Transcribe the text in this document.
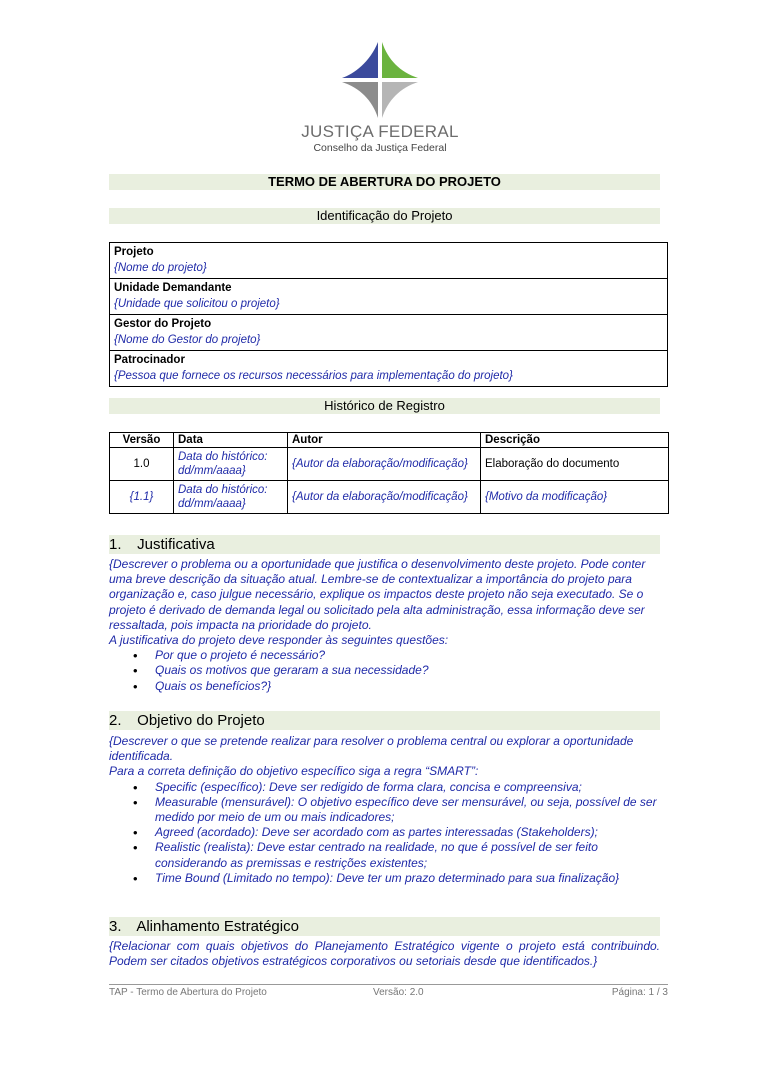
JUSTIÇA FEDERAL
Conselho da Justiça Federal
TERMO DE ABERTURA DO PROJETO
Identificação do Projeto
Projeto
{Nome do projeto}

Unidade Demandante
{Unidade que solicitou o projeto}

Gestor do Projeto
{Nome do Gestor do projeto}

Patrocinador
{Pessoa que fornece os recursos necessários para implementação do projeto}
Histórico de Registro
Versão	Data	Autor	Descrição
1.0	Data do histórico: dd/mm/aaaa}	{Autor da elaboração/modificação}	Elaboração do documento
{1.1}	Data do histórico: dd/mm/aaaa}	{Autor da elaboração/modificação}	{Motivo da modificação}
1. Justificativa

{Descrever o problema ou a oportunidade que justifica o desenvolvimento deste projeto. Pode conter uma breve descrição da situação atual. Lembre-se de contextualizar a importância do projeto para organização e, caso julgue necessário, explique os impactos deste projeto não seja executado. Se o projeto é derivado de demanda legal ou solicitado pela alta administração, essa informação deve ser ressaltada, pois impacta na prioridade do projeto.

A justificativa do projeto deve responder às seguintes questões:

• Por que o projeto é necessário?
• Quais os motivos que geraram a sua necessidade?
• Quais os benefícios?}
2. Objetivo do Projeto

{Descrever o que se pretende realizar para resolver o problema central ou explorar a oportunidade identificada.

Para a correta definição do objetivo específico siga a regra “SMART”:

• Specific (específico): Deve ser redigido de forma clara, concisa e compreensiva;
• Measurable (mensurável): O objetivo específico deve ser mensurável, ou seja, possível de ser medido por meio de um ou mais indicadores;
• Agreed (acordado): Deve ser acordado com as partes interessadas (Stakeholders);
• Realistic (realista): Deve estar centrado na realidade, no que é possível de ser feito considerando as premissas e restrições existentes;
• Time Bound (Limitado no tempo): Deve ter um prazo determinado para sua finalização}
3. Alinhamento Estratégico

{Relacionar com quais objetivos do Planejamento Estratégico vigente o projeto está contribuindo. Podem ser citados objetivos estratégicos corporativos ou setoriais desde que identificados.}

TAP - Termo de Abertura do Projeto	Versão: 2.0	Página: 1 / 3
